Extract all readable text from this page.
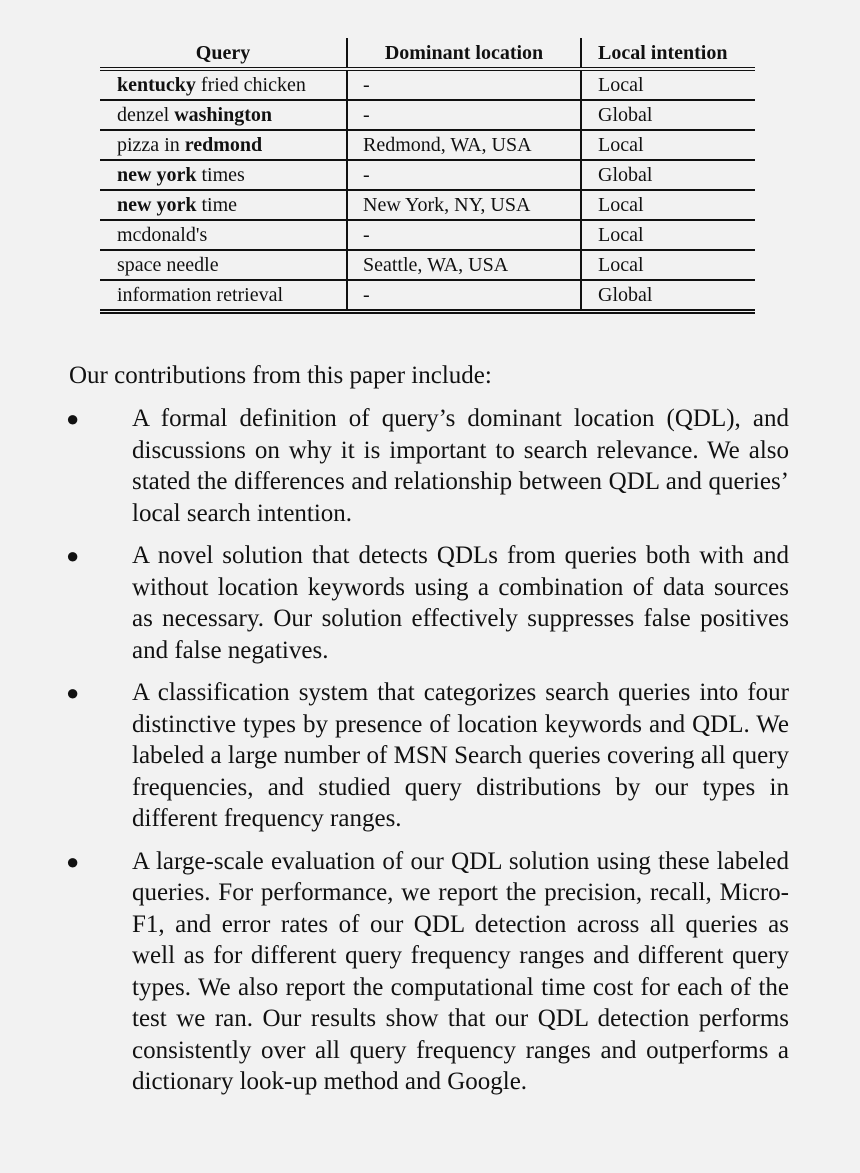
Query	Dominant location	Local intention
kentucky fried chicken	-	Local
denzel washington	-	Global
pizza in redmond	Redmond, WA, USA	Local
new york times	-	Global
new york time	New York, NY, USA	Local
mcdonald's	-	Local
space needle	Seattle, WA, USA	Local
information retrieval	-	Global

Our contributions from this paper include:

● A formal definition of query’s dominant location (QDL), and discussions on why it is important to search relevance. We also stated the differences and relationship between QDL and queries’ local search intention.
● A novel solution that detects QDLs from queries both with and without location keywords using a combination of data sources as necessary. Our solution effectively suppresses false positives and false negatives.
● A classification system that categorizes search queries into four distinctive types by presence of location keywords and QDL. We labeled a large number of MSN Search queries covering all query frequencies, and studied query distributions by our types in different frequency ranges.
● A large-scale evaluation of our QDL solution using these labeled queries. For performance, we report the precision, recall, Micro-F1, and error rates of our QDL detection across all queries as well as for different query frequency ranges and different query types. We also report the computational time cost for each of the test we ran. Our results show that our QDL detection performs consistently over all query frequency ranges and outperforms a dictionary look-up method and Google.
